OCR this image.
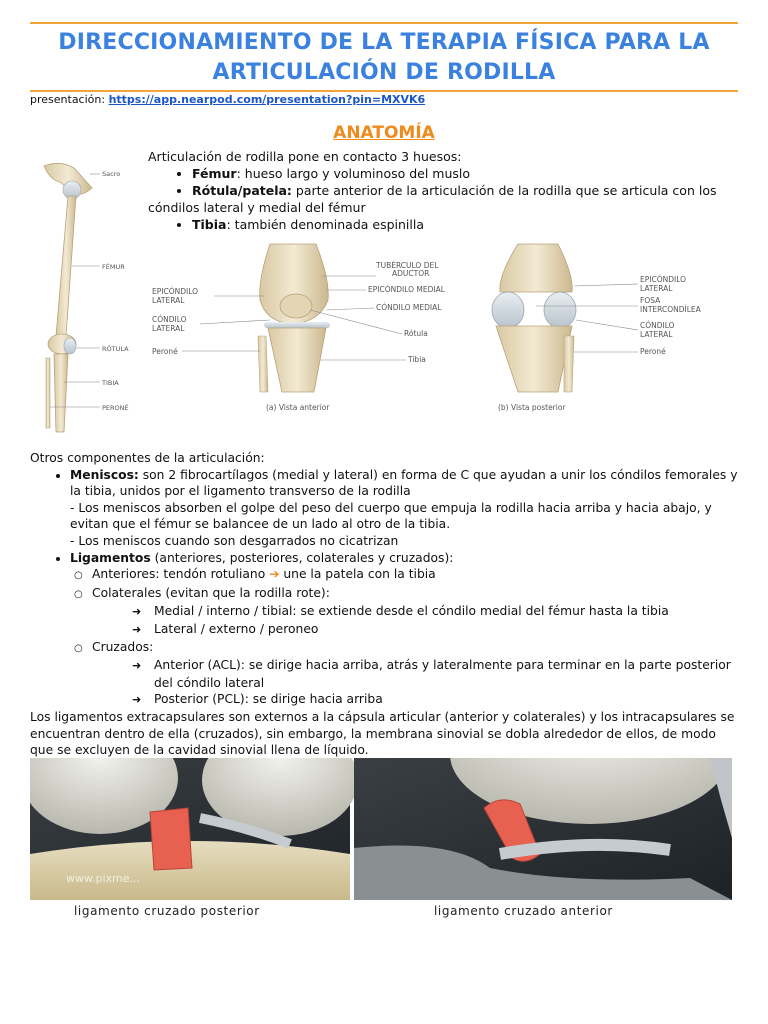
DIRECCIONAMIENTO DE LA TERAPIA FÍSICA PARA LA
ARTICULACIÓN DE RODILLA
presentación: https://app.nearpod.com/presentation?pin=MXVK6
ANATOMÍA
Articulación de rodilla pone en contacto 3 huesos:
• Fémur: hueso largo y voluminoso del muslo
• Rótula/patela: parte anterior de la articulación de la rodilla que se articula con los
cóndilos lateral y medial del fémur
• Tibia: también denominada espinilla
Sacro
FÉMUR
RÓTULA
TIBIA
PERONÉ
EPICÓNDILO
LATERAL
CÓNDILO
LATERAL
Peroné
TUBÉRCULO DEL
ADUCTOR
EPICÓNDILO MEDIAL
CÓNDILO MEDIAL
Rótula
Tibia
(a) Vista anterior
EPICÓNDILO
LATERAL
FOSA
INTERCONDÍLEA
CÓNDILO
LATERAL
Peroné
(b) Vista posterior

Otros componentes de la articulación:

• Meniscos: son 2 fibrocartílagos (medial y lateral) en forma de C que ayudan a unir los cóndilos femorales y la tibia, unidos por el ligamento transverso de la rodilla
- Los meniscos absorben el golpe del peso del cuerpo que empuja la rodilla hacia arriba y hacia abajo, y evitan que el fémur se balancee de un lado al otro de la tibia.
- Los meniscos cuando son desgarrados no cicatrizan
• Ligamentos (anteriores, posteriores, colaterales y cruzados):
○ Anteriores: tendón rotuliano ➔ une la patela con la tibia
○ Colaterales (evitan que la rodilla rote):
➜ Medial / interno / tibial: se extiende desde el cóndilo medial del fémur hasta la tibia
➜ Lateral / externo / peroneo
○ Cruzados:
➜ Anterior (ACL): se dirige hacia arriba, atrás y lateralmente para terminar en la parte posterior del cóndilo lateral
➜ Posterior (PCL): se dirige hacia arriba

Los ligamentos extracapsulares son externos a la cápsula articular (anterior y colaterales) y los intracapsulares se encuentran dentro de ella (cruzados), sin embargo, la membrana sinovial se dobla alrededor de ellos, de modo que se excluyen de la cavidad sinovial llena de líquido.

www.pixme...
ligamento cruzado posterior	ligamento cruzado anterior
